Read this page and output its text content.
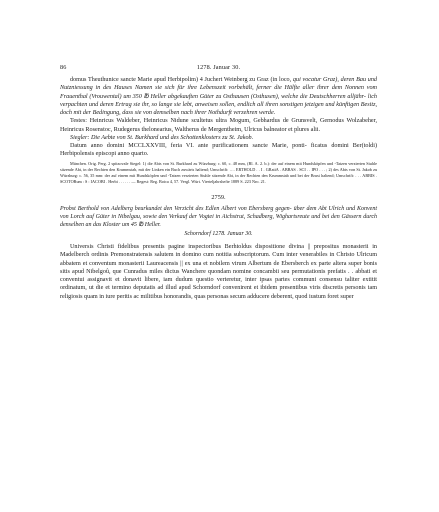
86	1278. Januar 30.

domus Theuthunice sancte Marie apud Herbipolim) 4 Juchert Weinberg zu Graz (in loco, qui vocatur Graz), deren Bau und Nutzniessung in des Hauses Namen sie sich für ihre Lebenszeit vorbehält, ferner die Hälfte aller ihrer dem Nonnen vom Frauenthal (Vrouwental) um 350 ℔ Heller abgekauften Güter zu Osthausen (Osthusen), welche die Deutschherren alljähr- lich verpachten und deren Ertrag sie ihr, so lange sie lebt, anweisen sollen, endlich all ihren sonstigen jetzigen und künftigen Besitz, doch mit der Bedingung, dass sie von demselben nach ihrer Nothdurft verzehren werde.

Testes: Heinricus Waldeber, Heinricus Nidune scultetus ultra Mogum, Gebhardus de Grunsvelt, Gernodus Wolzabeher, Heinricus Rosenstoc, Rudegerus thelonearius, Waltherus de Mergentheim, Ulricus balneator et plures alii.

Siegler: Die Aebte von St. Burkhard und des Schottenklosters zu St. Jakob.

Datum anno domini MCCLXXVIII, feria VI. ante purificationem sancte Marie, ponti- ficatus domini Ber(toldi) Herbipolensis episcopi anno quarto.

München. Orig. Perg. 2 spitzovale Siegel: 1) die Abts von St. Burkhard zu Würzburg: c. 60, c. 48 mm, (Bl. A. 2. b.): der auf einem mit Hundsköpfen und -Tatzen verzierten Stuhle sitzende Abt, in der Rechten den Krummstab, mit der Linken ein Buch zuwärts haltend; Umschrift: …. ERTHOLD . . I . GRatiA . ABBAS . SCI . . IPO . . . ; 2) des Abts von St. Jakob zu Würzburg: c. 56, 35 mm: der auf einem mit Hundsköpfen und -Tatzen verzierten Stuhle sitzende Abt, in der Rechten den Krummstab und bei der Brust haltend; Umschrift: . . . ABBIS . SCOTORum : S : IACOBI . Herbi . . . . . . — Regest: Reg. Boica 4, 57. Vergl. Würt. Vierteljahrshefte 1889 S. 223 Nro. 21.

2759.

Probst Berthold von Adelberg beurkundet den Verzicht des Edlen Albert von Ebersberg gegen- über dem Abt Ulrich und Konvent von Lorch auf Güter in Nibelgau, sowie den Verkauf der Vogtei in Aichstrut, Schadberg, Wighartsreute und bei den Gässern durch denselben an das Kloster um 45 ℔ Heller.

Schorndorf 1278. Januar 30.

Universis Christi fidelibus presentis pagine inspectoribus Berhtoldus dispositione divina || prepositus monasterii in Madelberch ordinis Premonstratensis salutem in domino cum notitia subscriptorum. Cum inter venerabiles in Christo Ulricum abbatem et conventum monasterii Laureacensis || ex una et nobilem virum Albertum de Ebersberch ex parte altera super bonis sitis apud Nibelgoû, que Cunradus miles dictus Wanchere quondam nomine concambii seu permutationis prefatis . . abbati et conventui assignavit et donavit libere, iam dudum questio verteretur, inter ipsas partes communi consensu taliter extitit ordinatum, ut die et termino deputatis ad illud apud Schorndorf convenirent et ibidem presentibus viris discretis personis tam religiosis quam in iure peritis ac militibus honorandis, quas personas secum adducere deberent, quod iustum foret super
